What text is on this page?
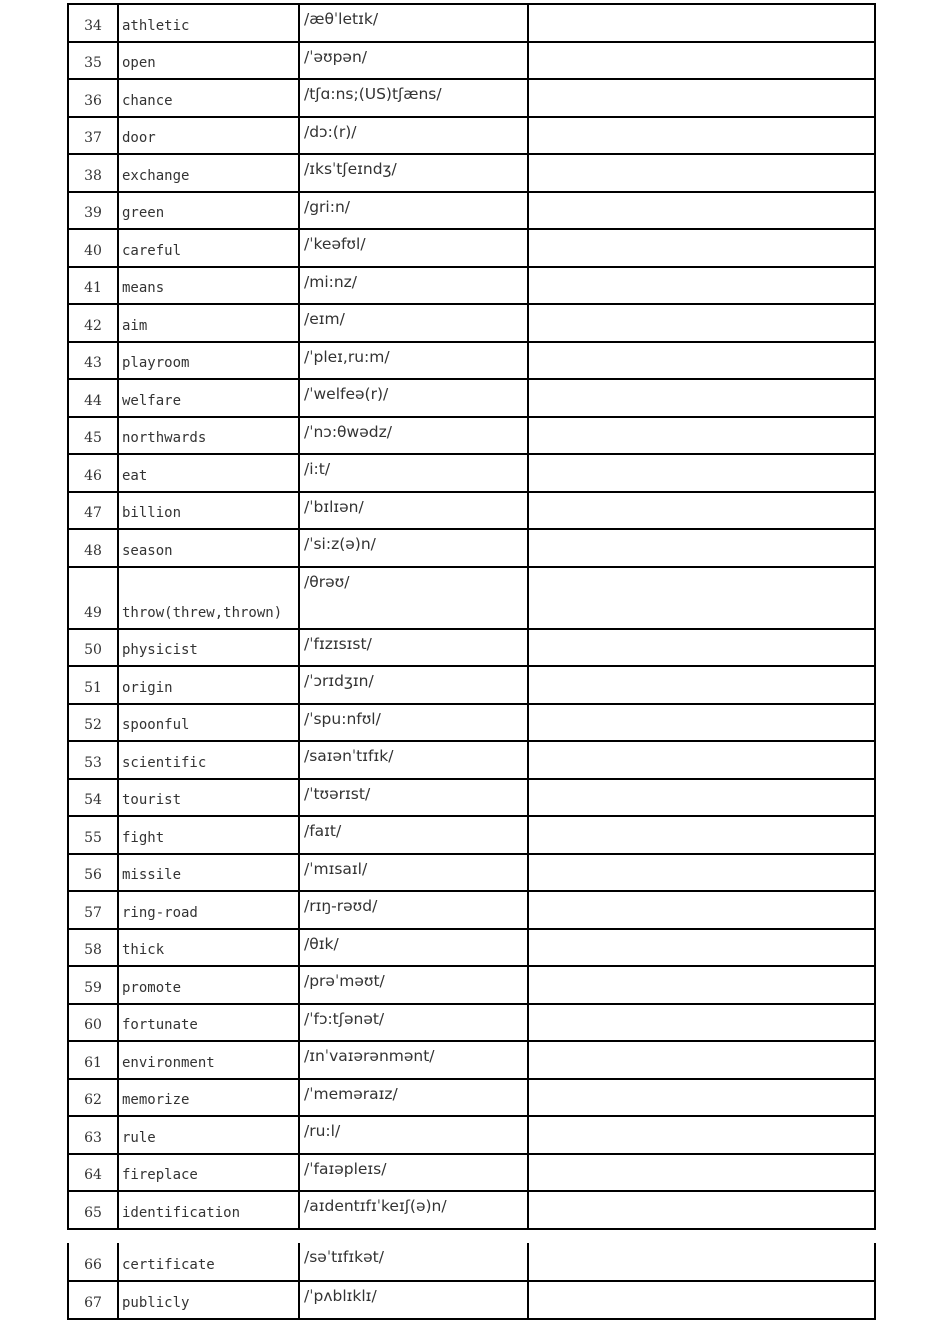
34	athletic	/æθˈletɪk/	
35	open	/ˈəʊpən/	
36	chance	/tʃɑ:ns;(US)tʃæns/	
37	door	/dɔ:(r)/	
38	exchange	/ɪksˈtʃeɪndʒ/	
39	green	/gri:n/	
40	careful	/ˈkeəfʊl/	
41	means	/mi:nz/	
42	aim	/eɪm/	
43	playroom	/ˈpleɪ,ru:m/	
44	welfare	/ˈwelfeə(r)/	
45	northwards	/ˈnɔ:θwədz/	
46	eat	/i:t/	
47	billion	/ˈbɪlɪən/	
48	season	/ˈsi:z(ə)n/	
49	throw(threw,thrown)	/θrəʊ/	
50	physicist	/ˈfɪzɪsɪst/	
51	origin	/ˈɔrɪdʒɪn/	
52	spoonful	/ˈspu:nfʊl/	
53	scientific	/saɪənˈtɪfɪk/	
54	tourist	/ˈtʊərɪst/	
55	fight	/faɪt/	
56	missile	/ˈmɪsaɪl/	
57	ring-road	/rɪŋ-rəʊd/	
58	thick	/θɪk/	
59	promote	/prəˈməʊt/	
60	fortunate	/ˈfɔ:tʃənət/	
61	environment	/ɪnˈvaɪərənmənt/	
62	memorize	/ˈmeməraɪz/	
63	rule	/ru:l/	
64	fireplace	/ˈfaɪəpleɪs/	
65	identification	/aɪdentɪfɪˈkeɪʃ(ə)n/	
66	certificate	/səˈtɪfɪkət/	
67	publicly	/ˈpʌblɪklɪ/	
